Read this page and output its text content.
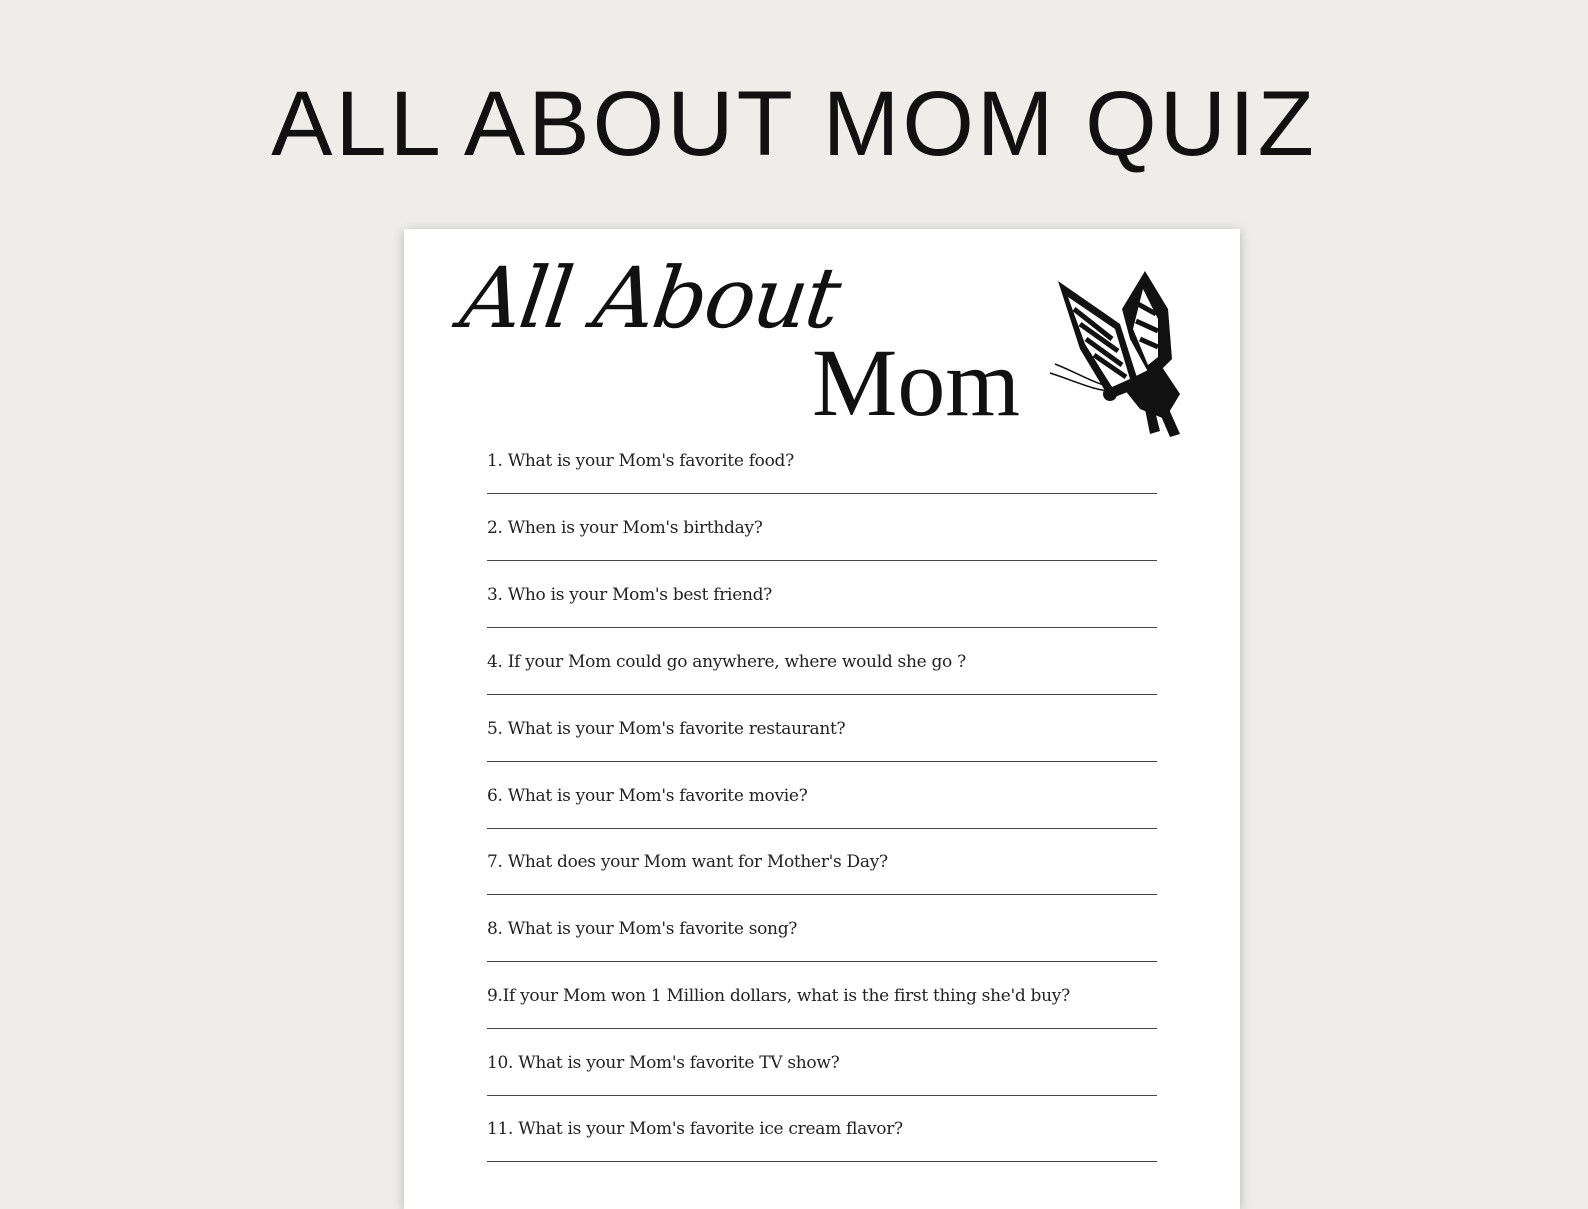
ALL ABOUT MOM QUIZ
All About
Mom
1. What is your Mom's favorite food?
2. When is your Mom's birthday?
3. Who is your Mom's best friend?
4. If your Mom could go anywhere, where would she go ?
5. What is your Mom's favorite restaurant?
6. What is your Mom's favorite movie?
7. What does your Mom want for Mother's Day?
8. What is your Mom's favorite song?
9.If your Mom won 1 Million dollars, what is the first thing she'd buy?
10. What is your Mom's favorite TV show?
11. What is your Mom's favorite ice cream flavor?
